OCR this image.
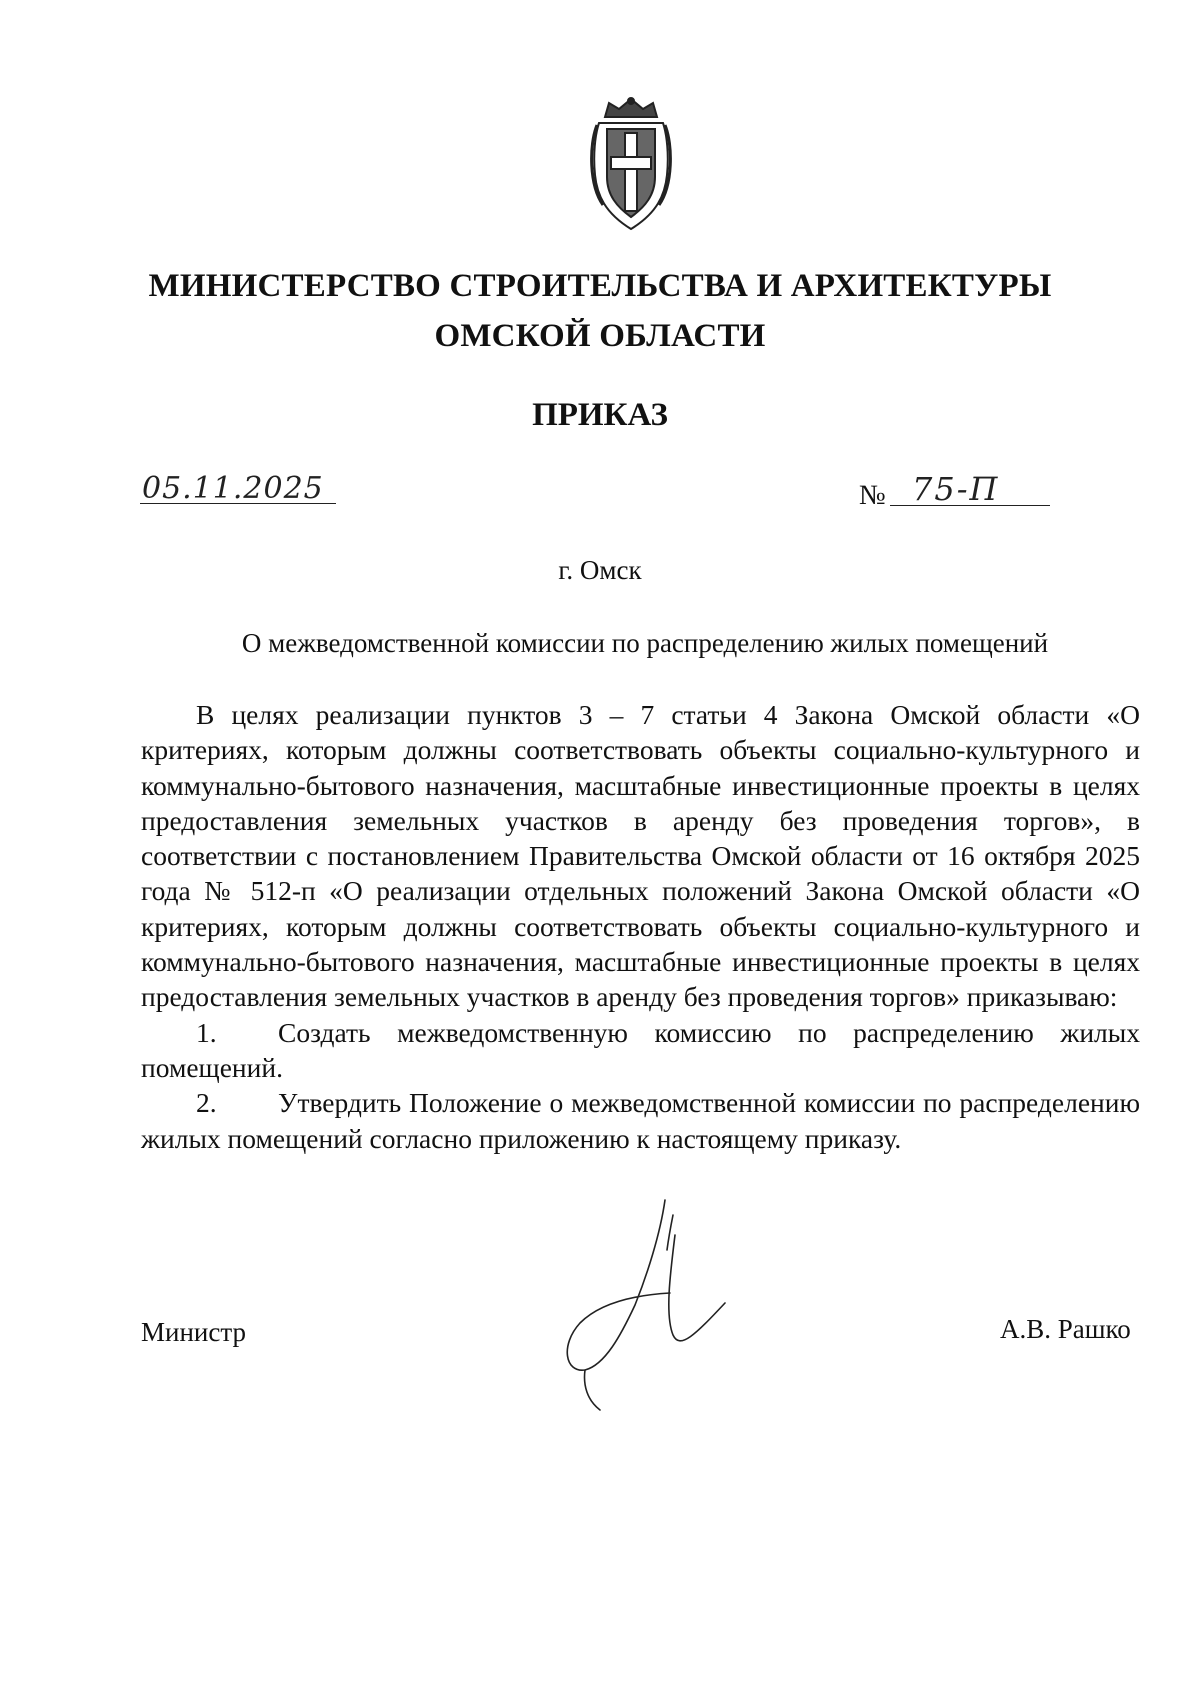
МИНИСТЕРСТВО СТРОИТЕЛЬСТВА И АРХИТЕКТУРЫ
ОМСКОЙ ОБЛАСТИ
ПРИКАЗ
05.11.2025	№ 75-П
г. Омск
О межведомственной комиссии по распределению жилых помещений

В целях реализации пунктов 3 – 7 статьи 4 Закона Омской области «О критериях, которым должны соответствовать объекты социально-культурного и коммунально-бытового назначения, масштабные инвестиционные проекты в целях предоставления земельных участков в аренду без проведения торгов», в соответствии с постановлением Правительства Омской области от 16 октября 2025 года № 512-п «О реализации отдельных положений Закона Омской области «О критериях, которым должны соответствовать объекты социально-культурного и коммунально-бытового назначения, масштабные инвестиционные проекты в целях предоставления земельных участков в аренду без проведения торгов» приказываю:

1. Создать межведомственную комиссию по распределению жилых помещений.

2. Утвердить Положение о межведомственной комиссии по распределению жилых помещений согласно приложению к настоящему приказу.

Министр	А.В. Рашко
